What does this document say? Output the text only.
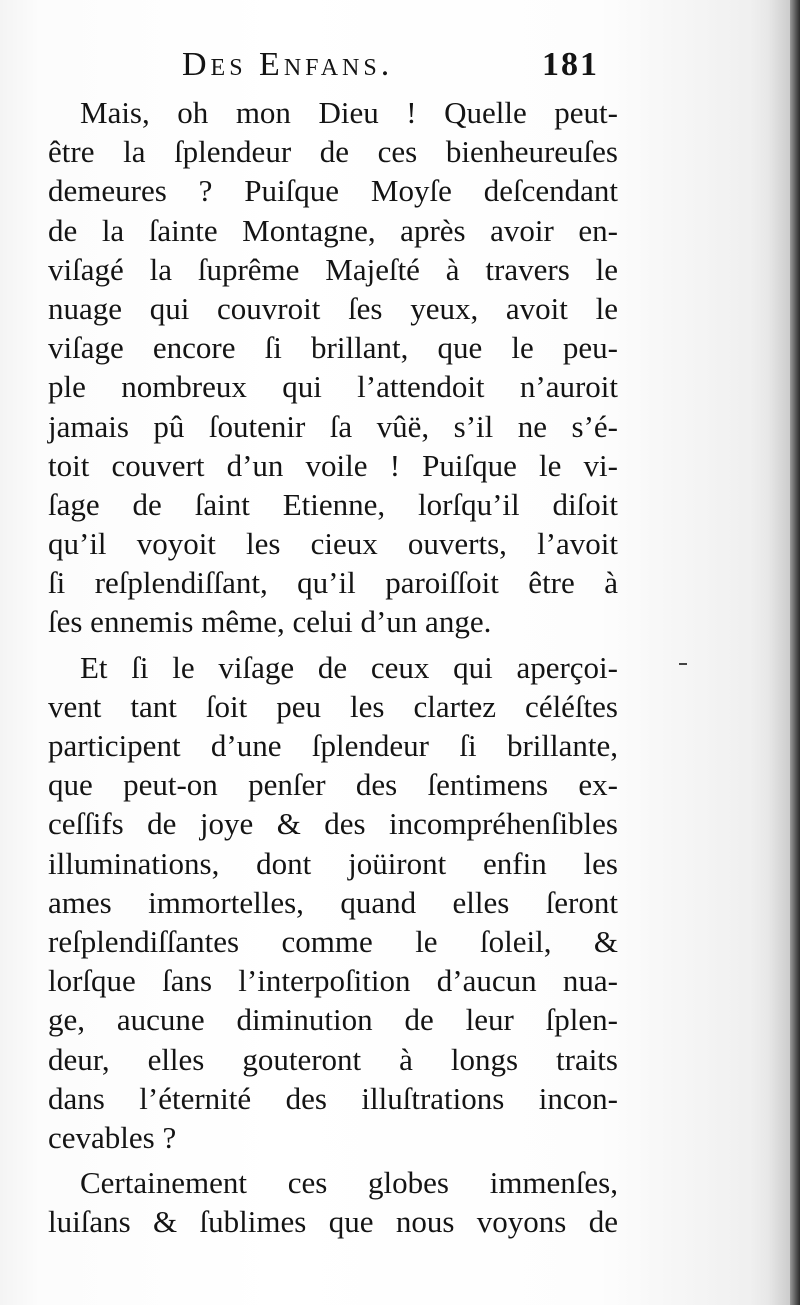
Des Enfans.	181
Mais, oh mon Dieu ! Quelle peut-
être la ſplendeur de ces bienheureuſes
demeures ? Puiſque Moyſe deſcendant
de la ſainte Montagne, après avoir en-
viſagé la ſuprême Majeſté à travers le
nuage qui couvroit ſes yeux, avoit le
viſage encore ſi brillant, que le peu-
ple nombreux qui l’attendoit n’auroit
jamais pû ſoutenir ſa vûë, s’il ne s’é-
toit couvert d’un voile ! Puiſque le vi-
ſage de ſaint Etienne, lorſqu’il diſoit
qu’il voyoit les cieux ouverts, l’avoit
ſi reſplendiſſant, qu’il paroiſſoit être à
ſes ennemis même, celui d’un ange.
Et ſi le viſage de ceux qui aperçoi-
vent tant ſoit peu les clartez céléſtes
participent d’une ſplendeur ſi brillante,
que peut-on penſer des ſentimens ex-
ceſſifs de joye & des incompréhenſibles
illuminations, dont joüiront enfin les
ames immortelles, quand elles ſeront
reſplendiſſantes comme le ſoleil, &
lorſque ſans l’interpoſition d’aucun nua-
ge, aucune diminution de leur ſplen-
deur, elles gouteront à longs traits
dans l’éternité des illuſtrations incon-
cevables ?
Certainement ces globes immenſes,
luiſans & ſublimes que nous voyons de
